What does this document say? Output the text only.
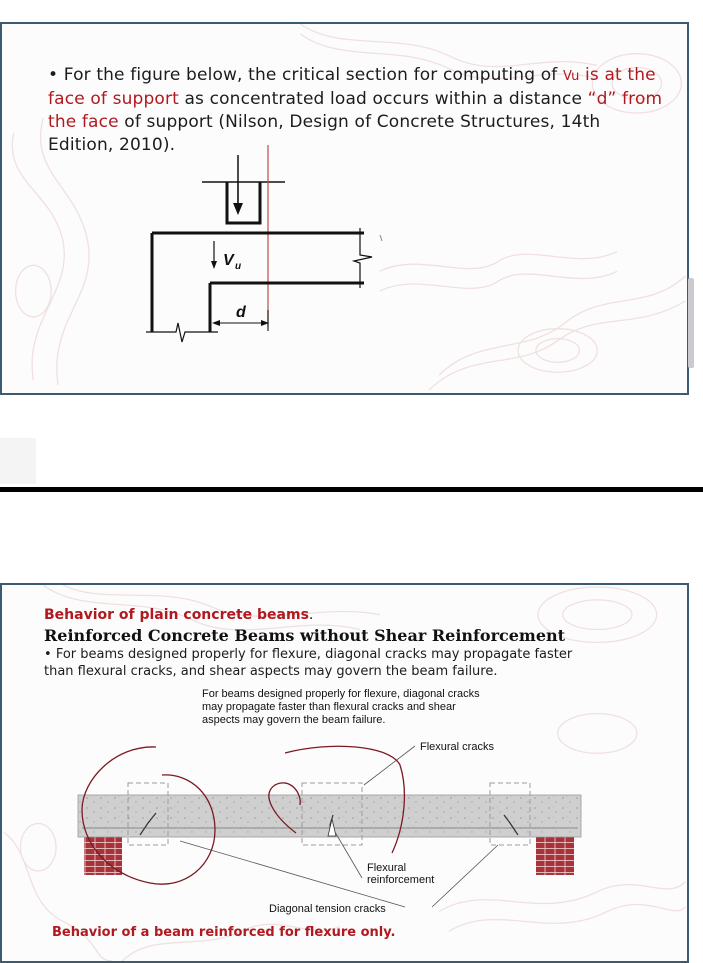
• For the figure below, the critical section for computing of Vu is at the face of support as concentrated load occurs within a distance “d” from the face of support (Nilson, Design of Concrete Structures, 14th Edition, 2010).
V u
d
Behavior of plain concrete beams.
Reinforced Concrete Beams without Shear Reinforcement
• For beams designed properly for flexure, diagonal cracks may propagate faster than flexural cracks, and shear aspects may govern the beam failure.
For beams designed properly for flexure, diagonal cracks may propagate faster than flexural cracks and shear aspects may govern the beam failure.
Flexural cracks
Flexural
reinforcement
Diagonal tension cracks
Behavior of a beam reinforced for flexure only.
